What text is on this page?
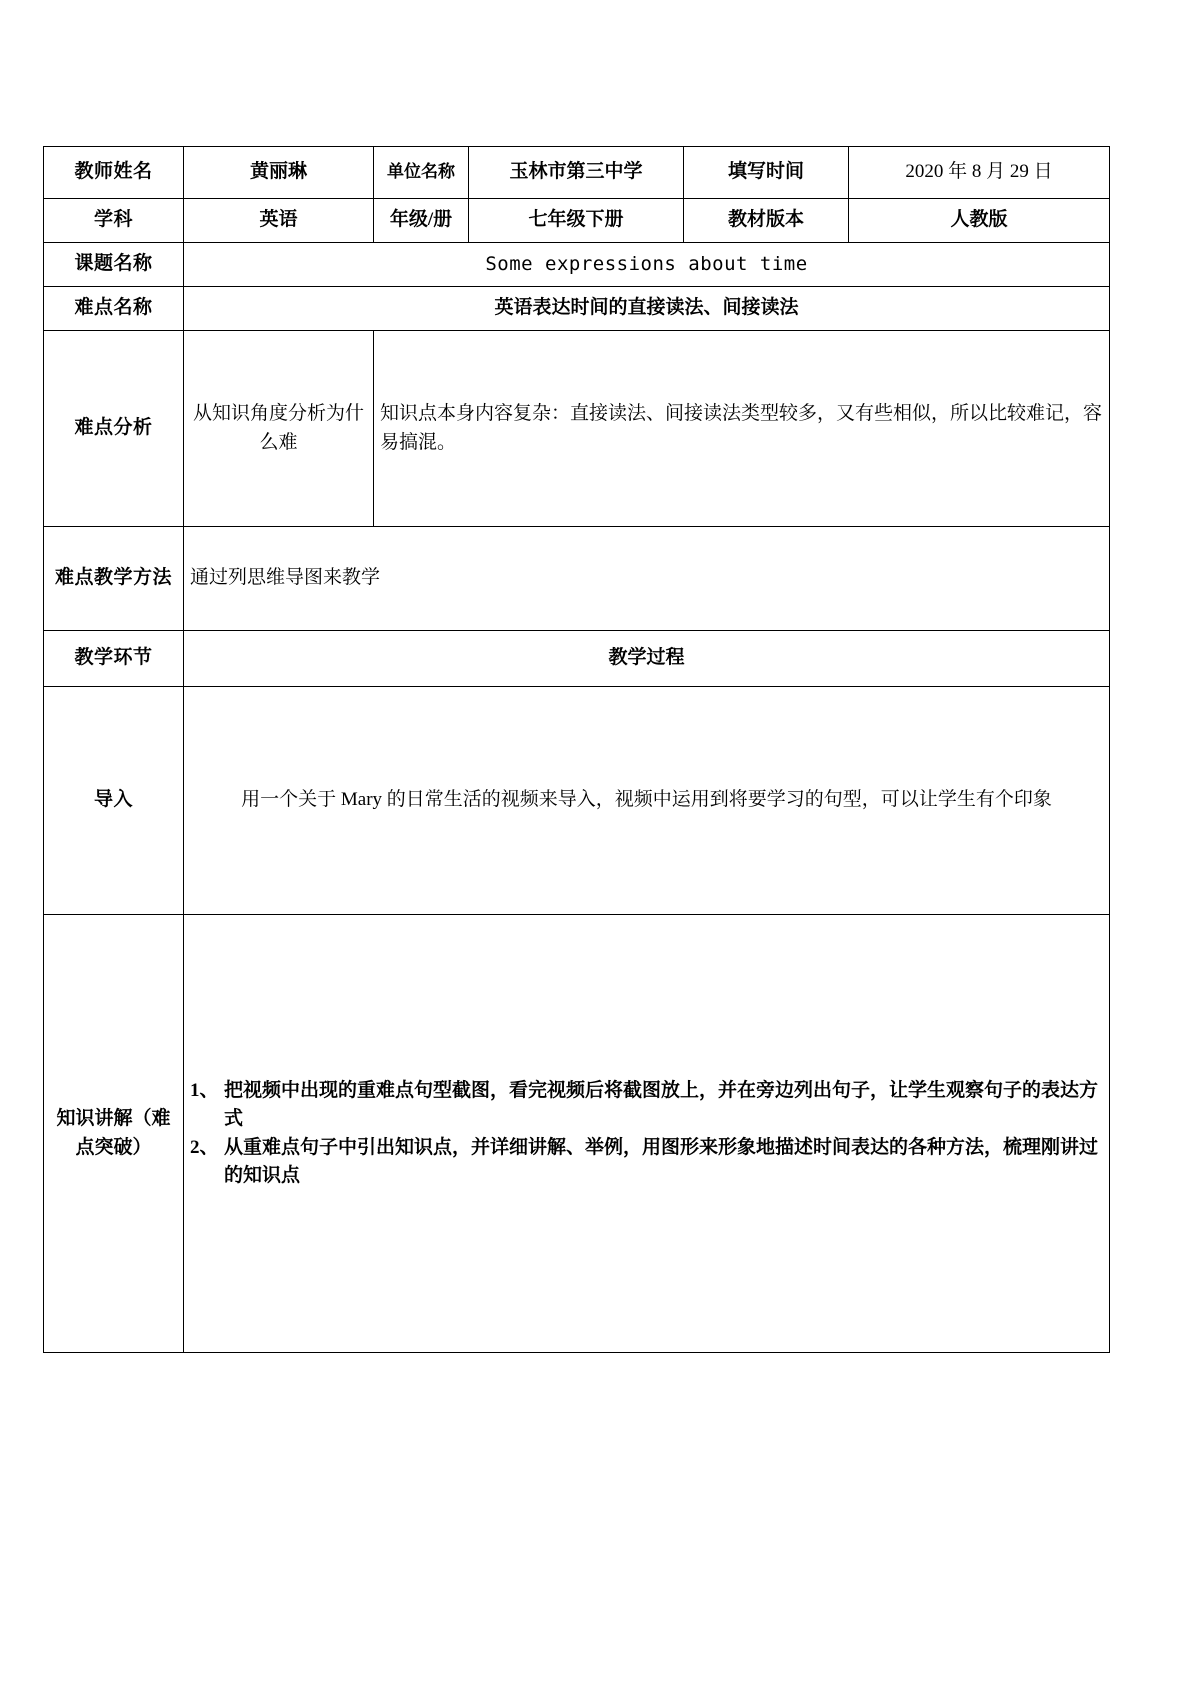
教师姓名	黄丽琳	单位名称	玉林市第三中学	填写时间	2020 年 8 月 29 日
学科	英语	年级/册	七年级下册	教材版本	人教版
课题名称	Some expressions about time				
难点名称	英语表达时间的直接读法、间接读法				
难点分析	从知识角度分析为什么难	知识点本身内容复杂：直接读法、间接读法类型较多，又有些相似，所以比较难记，容易搞混。			
难点教学方法	通过列思维导图来教学				
教学环节	教学过程				
导入	用一个关于 Mary 的日常生活的视频来导入，视频中运用到将要学习的句型，可以让学生有个印象				
知识讲解（难点突破）	1、 把视频中出现的重难点句型截图，看完视频后将截图放上，并在旁边列出句子，让学生观察句子的表达方式
2、 从重难点句子中引出知识点，并详细讲解、举例，用图形来形象地描述时间表达的各种方法，梳理刚讲过的知识点				
